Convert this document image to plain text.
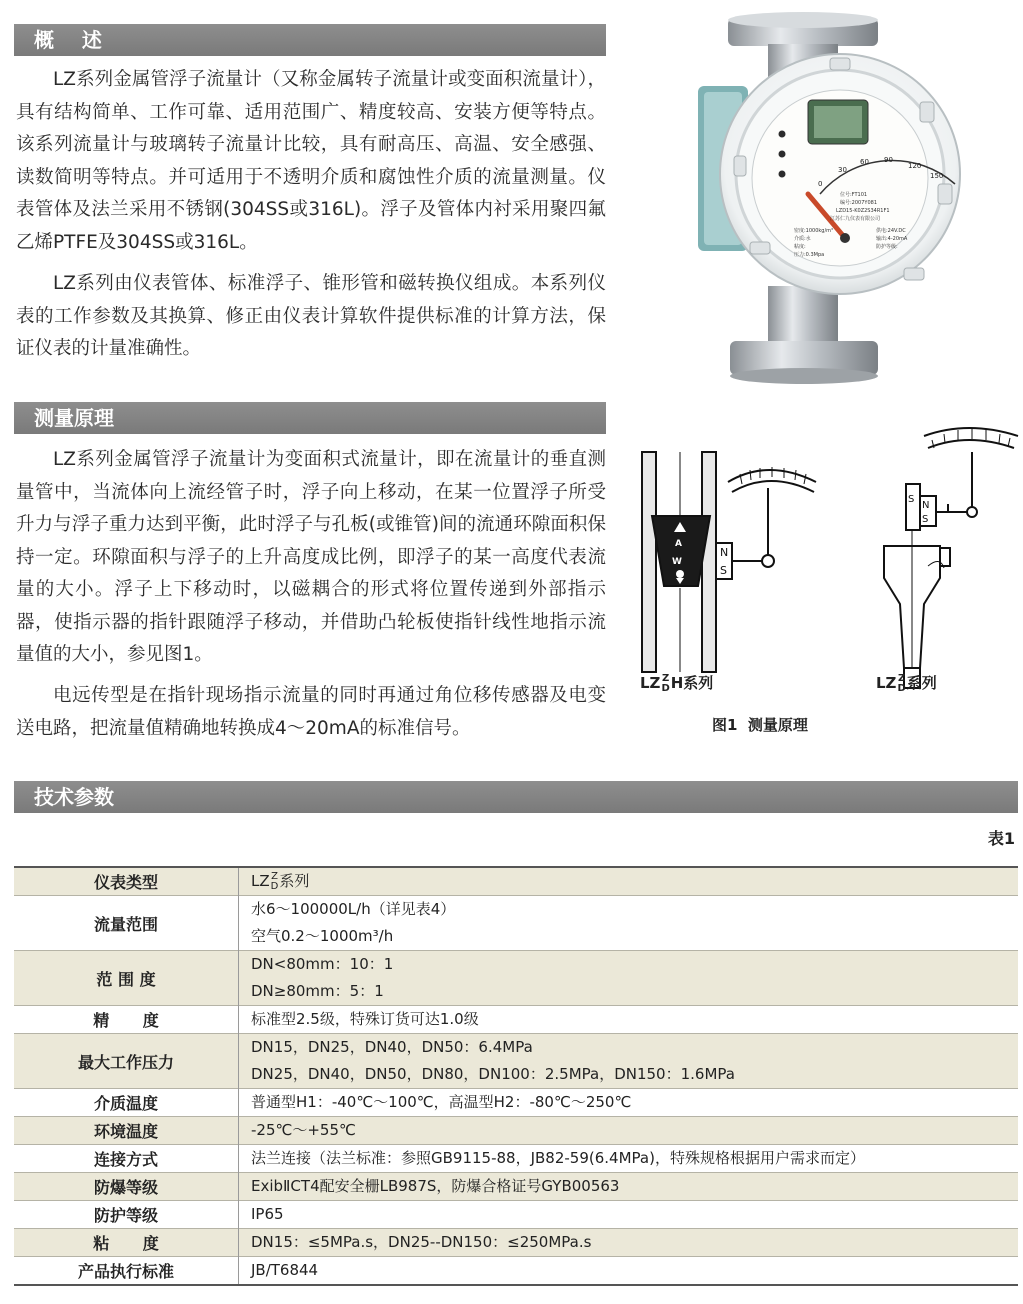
概    述

LZ系列金属管浮子流量计（又称金属转子流量计或变面积流量计），具有结构简单、工作可靠、适用范围广、精度较高、安装方便等特点。该系列流量计与玻璃转子流量计比较，具有耐高压、高温、安全感强、读数简明等特点。并可适用于不透明介质和腐蚀性介质的流量测量。仪表管体及法兰采用不锈钢(304SS或316L)。浮子及管体内衬采用聚四氟乙烯PTFE及304SS或316L。

LZ系列由仪表管体、标准浮子、锥形管和磁转换仪组成。本系列仪表的工作参数及其换算、修正由仪表计算软件提供标准的计算方法，保证仪表的计量准确性。

0
30
60 90
120
150
位号:FT101
编号:2007Y081
LZD15-K0Z2S34R1F1
江苏仁九仪表有限公司
密度:1000kg/m³
介质:水
粘度:
压力:0.3Mpa
供电:24V.DC
输出:4-20mA
防护等级:
测量原理

LZ系列金属管浮子流量计为变面积式流量计，即在流量计的垂直测量管中，当流体向上流经管子时，浮子向上移动，在某一位置浮子所受升力与浮子重力达到平衡，此时浮子与孔板(或锥管)间的流通环隙面积保持一定。环隙面积与浮子的上升高度成比例，即浮子的某一高度代表流量的大小。浮子上下移动时，以磁耦合的形式将位置传递到外部指示器，使指示器的指针跟随浮子移动，并借助凸轮板使指针线性地指示流量值的大小，参见图1。

电远传型是在指针现场指示流量的同时再通过角位移传感器及电变送电路，把流量值精确地转换成4～20mA的标准信号。

A
W
N
S
S
N
S
LZ Z
D H系列	LZ Z
D 系列
图1  测量原理
技术参数
表1
仪表类型	LZ Z
D 系列

流量范围	水6～100000L/h（详见表4）
空气0.2～1000m³/h

范 围 度	DN<80mm：10：1
DN≥80mm：5：1

精      度	标准型2.5级，特殊订货可达1.0级

最大工作压力	DN15，DN25，DN40，DN50：6.4MPa
DN25，DN40，DN50，DN80，DN100：2.5MPa，DN150：1.6MPa

介质温度	普通型H1：-40℃～100℃，高温型H2：-80℃～250℃

环境温度	-25℃～+55℃

连接方式	法兰连接（法兰标准：参照GB9115-88，JB82-59(6.4MPa)，特殊规格根据用户需求而定）

防爆等级	ExibⅡCT4配安全栅LB987S，防爆合格证号GYB00563

防护等级	IP65

粘      度	DN15：≤5MPa.s，DN25--DN150：≤250MPa.s

产品执行标准	JB/T6844
